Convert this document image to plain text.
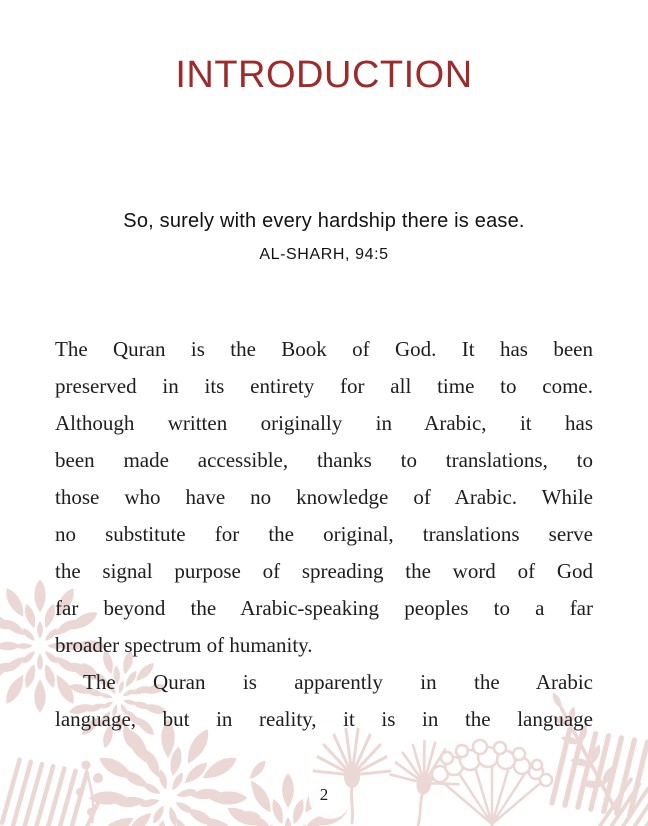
INTRODUCTION
So, surely with every hardship there is ease.
AL-SHARH, 94:5
The Quran is the Book of God. It has been
preserved in its entirety for all time to come.
Although written originally in Arabic, it has
been made accessible, thanks to translations, to
those who have no knowledge of Arabic. While
no substitute for the original, translations serve
the signal purpose of spreading the word of God
far beyond the Arabic-speaking peoples to a far
broader spectrum of humanity.
The Quran is apparently in the Arabic
language, but in reality, it is in the language
2
